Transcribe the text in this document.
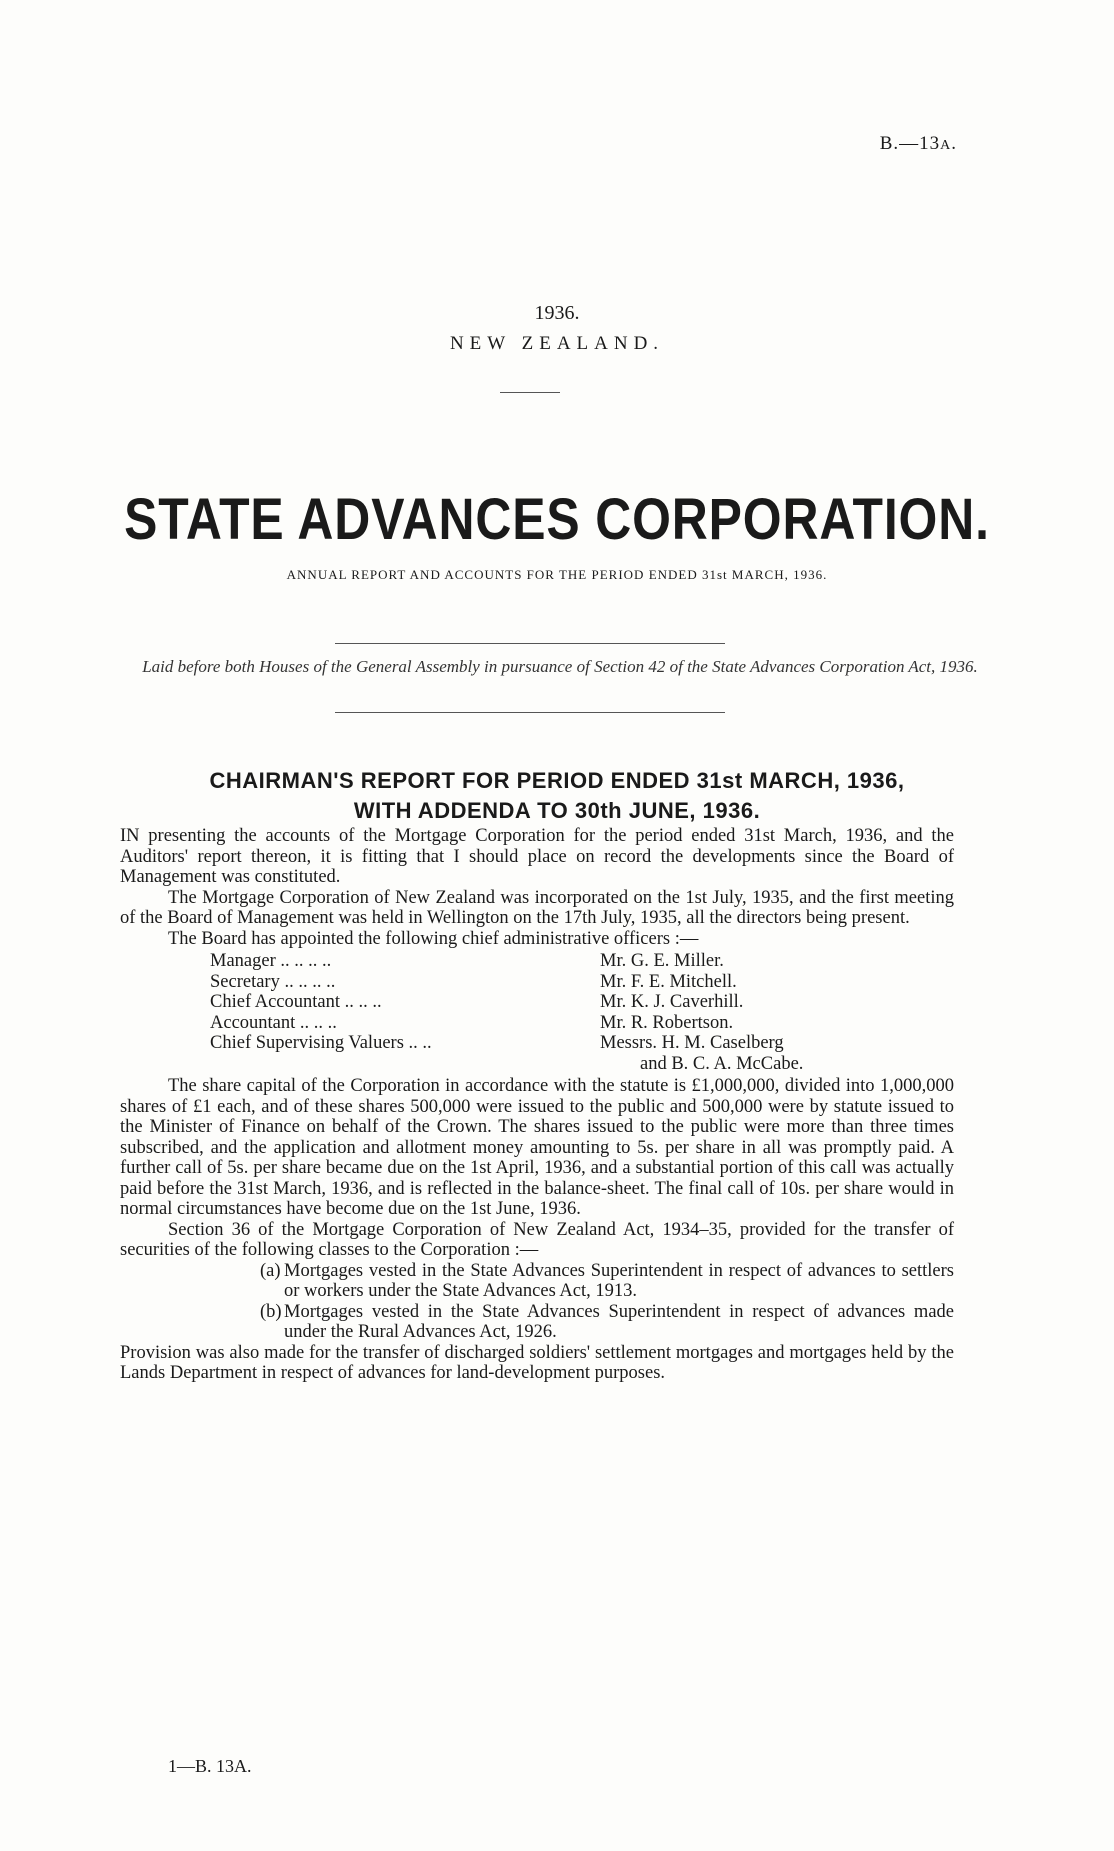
B.—13A.
1936.
NEW ZEALAND.
STATE ADVANCES CORPORATION.
ANNUAL REPORT AND ACCOUNTS FOR THE PERIOD ENDED 31st MARCH, 1936.
Laid before both Houses of the General Assembly in pursuance of Section 42 of the State Advances Corporation Act, 1936.
CHAIRMAN'S REPORT FOR PERIOD ENDED 31st MARCH, 1936,
WITH ADDENDA TO 30th JUNE, 1936.

IN presenting the accounts of the Mortgage Corporation for the period ended 31st March, 1936, and the Auditors' report thereon, it is fitting that I should place on record the developments since the Board of Management was constituted.

The Mortgage Corporation of New Zealand was incorporated on the 1st July, 1935, and the first meeting of the Board of Management was held in Wellington on the 17th July, 1935, all the directors being present.

The Board has appointed the following chief administrative officers :—

Manager .. .. .. ..	Mr. G. E. Miller.
Secretary .. .. .. ..	Mr. F. E. Mitchell.
Chief Accountant .. .. ..	Mr. K. J. Caverhill.
Accountant .. .. ..	Mr. R. Robertson.
Chief Supervising Valuers .. ..	Messrs. H. M. Caselberg
and B. C. A. McCabe.

The share capital of the Corporation in accordance with the statute is £1,000,000, divided into 1,000,000 shares of £1 each, and of these shares 500,000 were issued to the public and 500,000 were by statute issued to the Minister of Finance on behalf of the Crown. The shares issued to the public were more than three times subscribed, and the application and allotment money amounting to 5s. per share in all was promptly paid. A further call of 5s. per share became due on the 1st April, 1936, and a substantial portion of this call was actually paid before the 31st March, 1936, and is reflected in the balance-sheet. The final call of 10s. per share would in normal circumstances have become due on the 1st June, 1936.

Section 36 of the Mortgage Corporation of New Zealand Act, 1934–35, provided for the transfer of securities of the following classes to the Corporation :—

(a) Mortgages vested in the State Advances Superintendent in respect of advances to settlers or workers under the State Advances Act, 1913.

(b) Mortgages vested in the State Advances Superintendent in respect of advances made under the Rural Advances Act, 1926.

Provision was also made for the transfer of discharged soldiers' settlement mortgages and mortgages held by the Lands Department in respect of advances for land-development purposes.

1—B. 13A.
